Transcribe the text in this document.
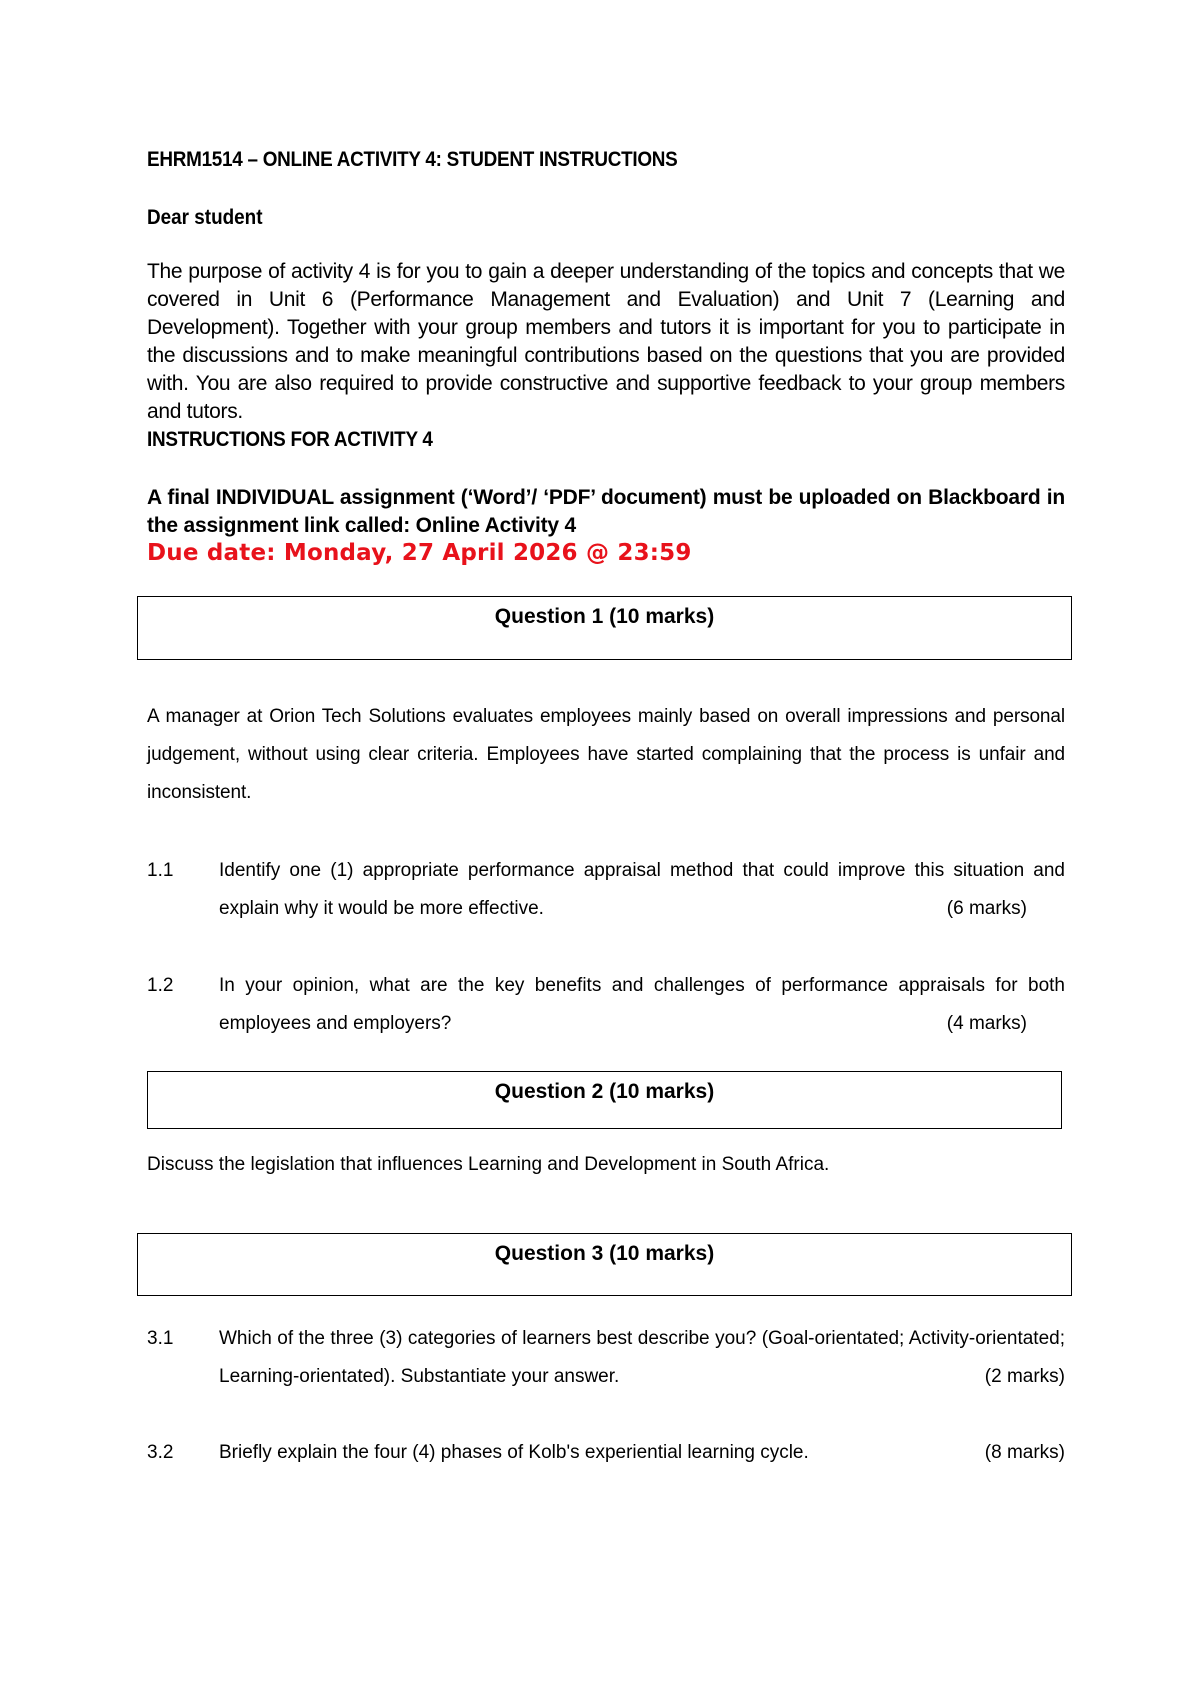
EHRM1514 – ONLINE ACTIVITY 4: STUDENT INSTRUCTIONS
Dear student
The purpose of activity 4 is for you to gain a deeper understanding of the topics and concepts that we covered in Unit 6 (Performance Management and Evaluation) and Unit 7 (Learning and Development). Together with your group members and tutors it is important for you to participate in the discussions and to make meaningful contributions based on the questions that you are provided with. You are also required to provide constructive and supportive feedback to your group members and tutors.
INSTRUCTIONS FOR ACTIVITY 4
A final INDIVIDUAL assignment (‘Word’/ ‘PDF’ document) must be uploaded on Blackboard in the assignment link called: Online Activity 4
Due date: Monday, 27 April 2026 @ 23:59
Question 1 (10 marks)
A manager at Orion Tech Solutions evaluates employees mainly based on overall impressions and personal judgement, without using clear criteria. Employees have started complaining that the process is unfair and inconsistent.
1.1 Identify one (1) appropriate performance appraisal method that could improve this situation and explain why it would be more effective.	(6 marks)
1.2 In your opinion, what are the key benefits and challenges of performance appraisals for both employees and employers?	(4 marks)
Question 2 (10 marks)
Discuss the legislation that influences Learning and Development in South Africa.
Question 3 (10 marks)
3.1 Which of the three (3) categories of learners best describe you? (Goal-orientated; Activity-orientated; Learning-orientated). Substantiate your answer.	(2 marks)
3.2 Briefly explain the four (4) phases of Kolb's experiential learning cycle.	(8 marks)
